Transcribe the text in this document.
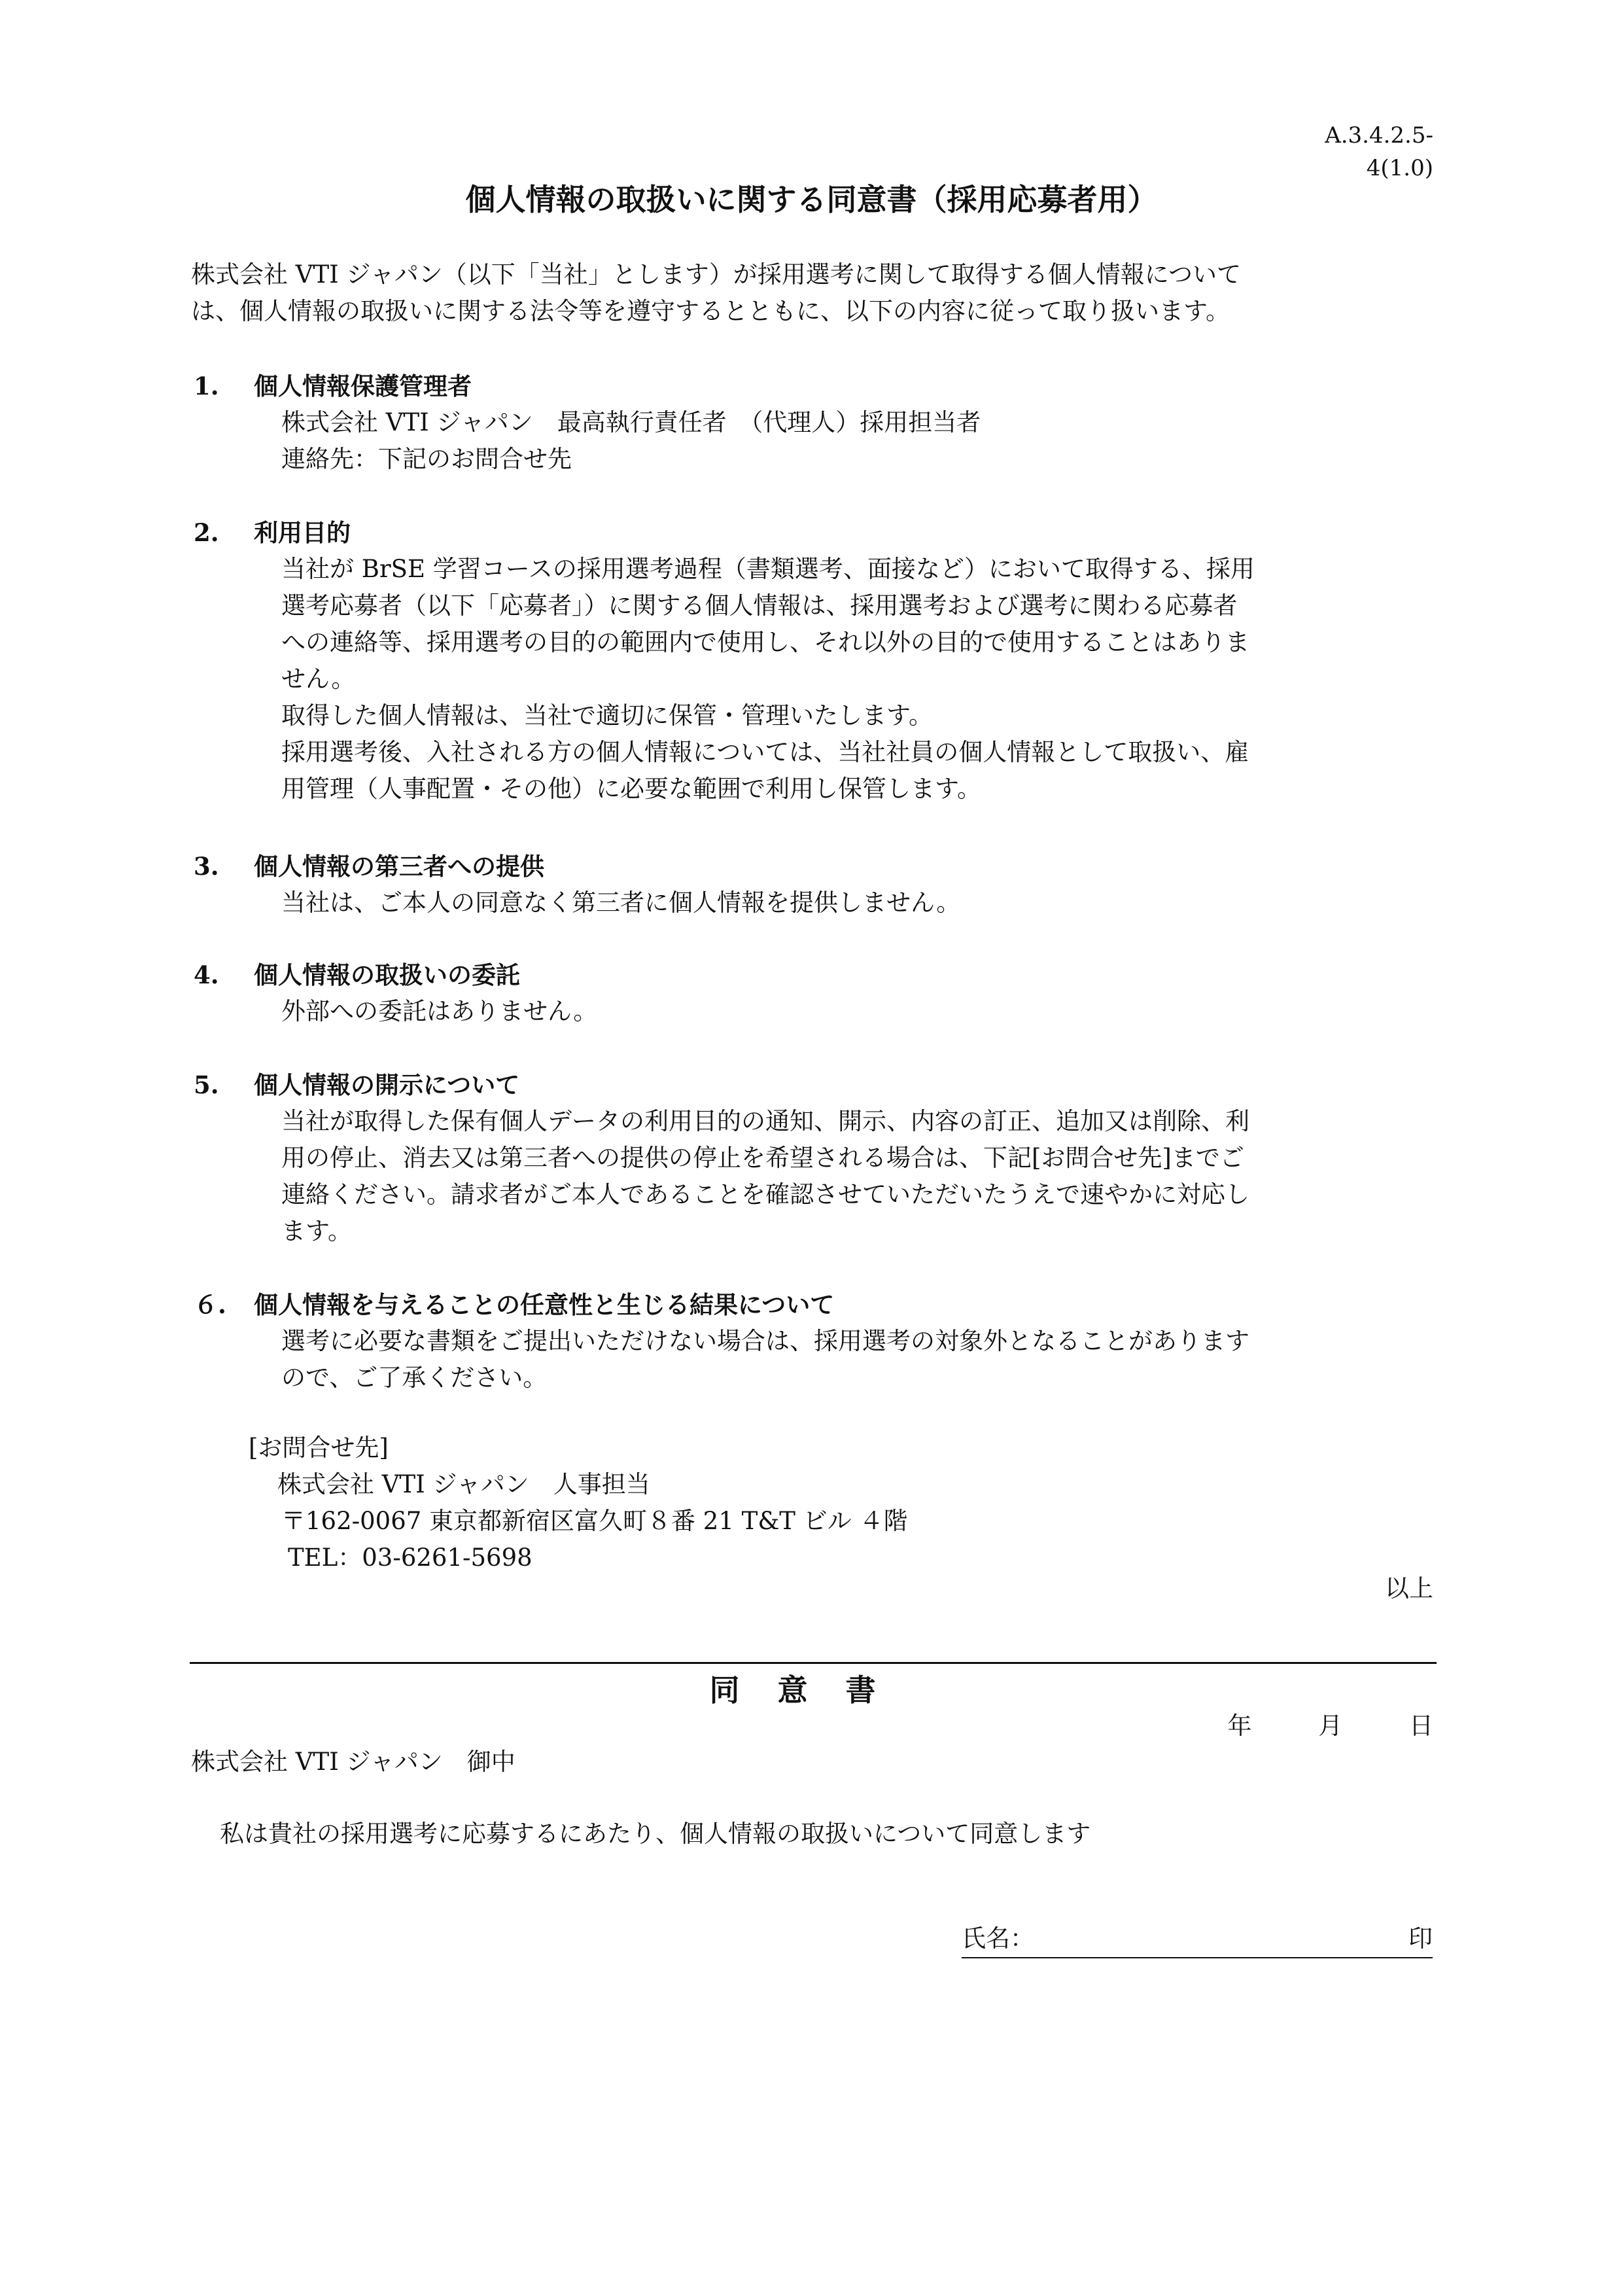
A.3.4.2.5-
4(1.0)
個人情報の取扱いに関する同意書（採用応募者用）
株式会社 VTI ジャパン（以下「当社」とします）が採用選考に関して取得する個人情報について
は、個人情報の取扱いに関する法令等を遵守するとともに、以下の内容に従って取り扱います。
1. 個人情報保護管理者
株式会社 VTI ジャパン　最高執行責任者　（代理人）採用担当者
連絡先：下記のお問合せ先
2. 利用目的
当社が BrSE 学習コースの採用選考過程（書類選考、面接など）において取得する、採用
選考応募者（以下「応募者」）に関する個人情報は、採用選考および選考に関わる応募者
への連絡等、採用選考の目的の範囲内で使用し、それ以外の目的で使用することはありま
せん。
取得した個人情報は、当社で適切に保管・管理いたします。
採用選考後、入社される方の個人情報については、当社社員の個人情報として取扱い、雇
用管理（人事配置・その他）に必要な範囲で利用し保管します。
3. 個人情報の第三者への提供
当社は、ご本人の同意なく第三者に個人情報を提供しません。
4. 個人情報の取扱いの委託
外部への委託はありません。
5. 個人情報の開示について
当社が取得した保有個人データの利用目的の通知、開示、内容の訂正、追加又は削除、利
用の停止、消去又は第三者への提供の停止を希望される場合は、下記[お問合せ先]までご
連絡ください。請求者がご本人であることを確認させていただいたうえで速やかに対応し
ます。
６. 個人情報を与えることの任意性と生じる結果について
選考に必要な書類をご提出いただけない場合は、採用選考の対象外となることがあります
ので、ご了承ください。
[お問合せ先]
株式会社 VTI ジャパン　人事担当
〒162-0067 東京都新宿区富久町８番 21 T&T ビル ４階
TEL：03-6261-5698
以上
同意書
年	月	日
株式会社 VTI ジャパン　御中
私は貴社の採用選考に応募するにあたり、個人情報の取扱いについて同意します
氏名：	印
